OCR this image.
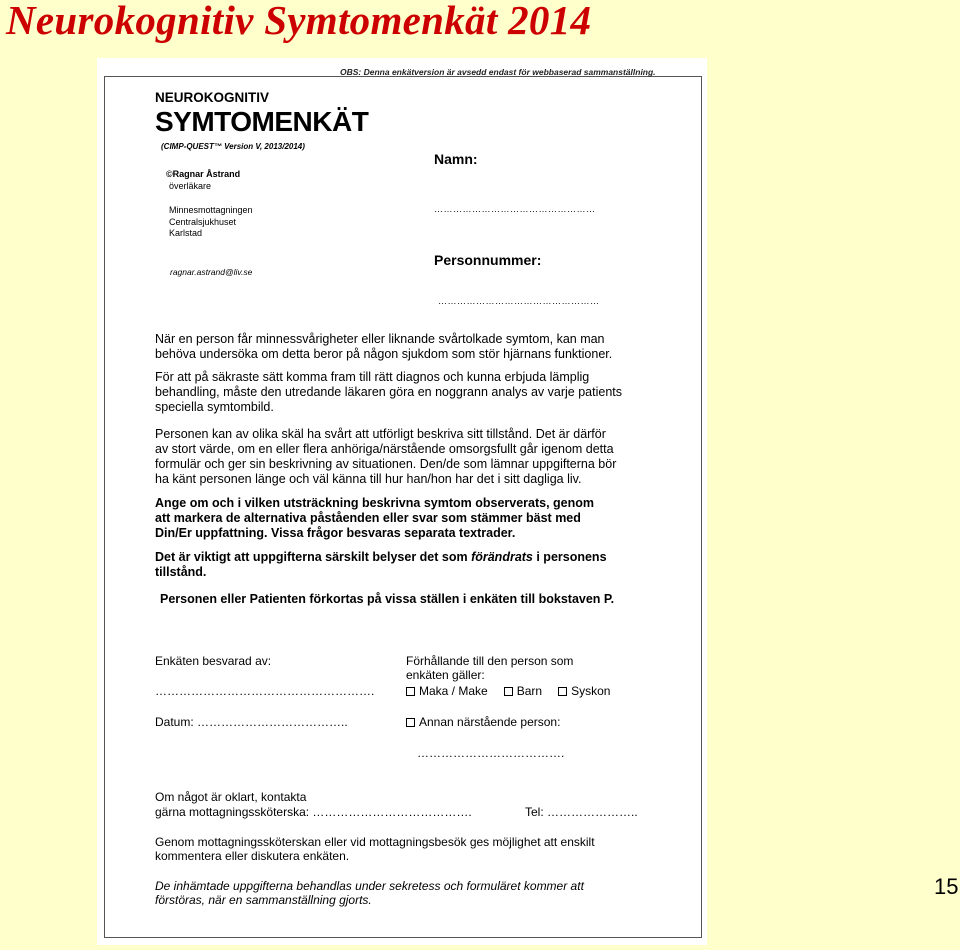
Neurokognitiv Symtomenkät 2014

OBS: Denna enkätversion är avsedd endast för webbaserad sammanställning.

NEUROKOGNITIV

SYMTOMENKÄT

(CIMP-QUEST™ Version V, 2013/2014)

©Ragnar Åstrand

överläkare

Minnesmottagningen
Centralsjukhuset
Karlstad

ragnar.astrand@liv.se

Namn:

……………………………………………

Personnummer:

……………………………………………

När en person får minnessvårigheter eller liknande svårtolkade symtom, kan man
behöva undersöka om detta beror på någon sjukdom som stör hjärnans funktioner.

För att på säkraste sätt komma fram till rätt diagnos och kunna erbjuda lämplig
behandling, måste den utredande läkaren göra en noggrann analys av varje patients
speciella symtombild.

Personen kan av olika skäl ha svårt att utförligt beskriva sitt tillstånd. Det är därför
av stort värde, om en eller flera anhöriga/närstående omsorgsfullt går igenom detta
formulär och ger sin beskrivning av situationen. Den/de som lämnar uppgifterna bör
ha känt personen länge och väl känna till hur han/hon har det i sitt dagliga liv.

Ange om och i vilken utsträckning beskrivna symtom observerats, genom
att markera de alternativa påståenden eller svar som stämmer bäst med
Din/Er uppfattning. Vissa frågor besvaras separata textrader.

Det är viktigt att uppgifterna särskilt belyser det som förändrats i personens
tillstånd.

Personen eller Patienten förkortas på vissa ställen i enkäten till bokstaven P.

Enkäten besvarad av:

……………………………………………….

Datum: ………………………………..

Förhållande till den person som
enkäten gäller:

Maka / Make Barn Syskon
Annan närstående person:

……………………………….

Om något är oklart, kontakta
gärna mottagningssköterska: ………………………………….	Tel: …………………..

Genom mottagningssköterskan eller vid mottagningsbesök ges möjlighet att enskilt
kommentera eller diskutera enkäten.

De inhämtade uppgifterna behandlas under sekretess och formuläret kommer att
förstöras, när en sammanställning gjorts.

15
